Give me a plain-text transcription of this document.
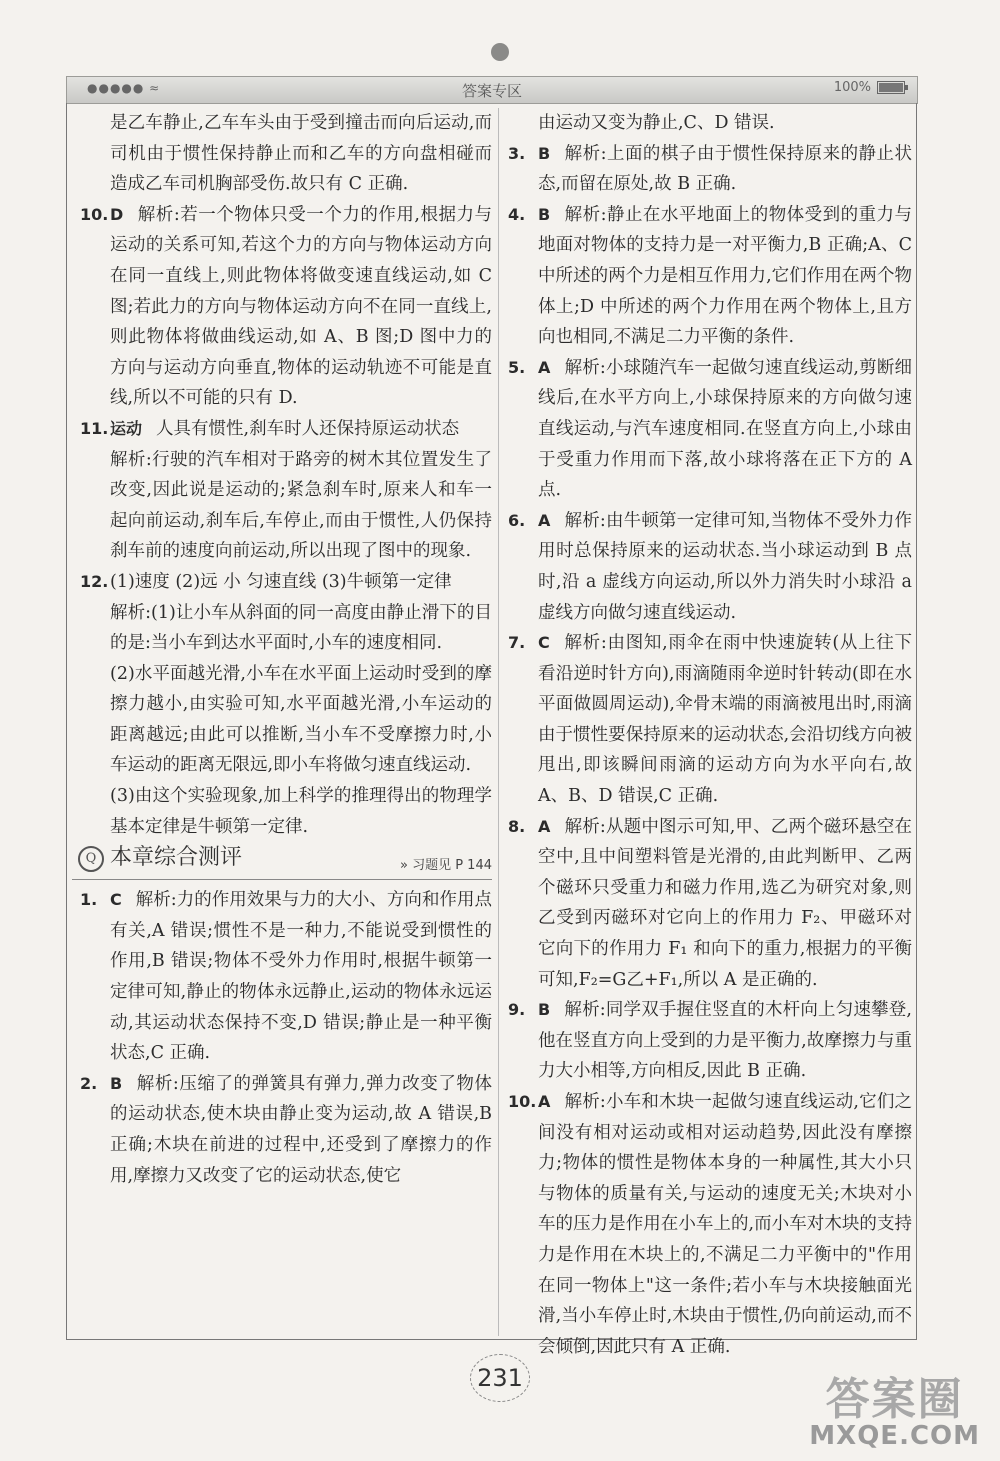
●●●●● ≈	答案专区	100%
是乙车静止,乙车车头由于受到撞击而向后运动,而司机由于惯性保持静止而和乙车的方向盘相碰而造成乙车司机胸部受伤.故只有 C 正确.
10. D 解析:若一个物体只受一个力的作用,根据力与运动的关系可知,若这个力的方向与物体运动方向在同一直线上,则此物体将做变速直线运动,如 C 图;若此力的方向与物体运动方向不在同一直线上,则此物体将做曲线运动,如 A、B 图;D 图中力的方向与运动方向垂直,物体的运动轨迹不可能是直线,所以不可能的只有 D.
11. 运动 人具有惯性,刹车时人还保持原运动状态
解析:行驶的汽车相对于路旁的树木其位置发生了改变,因此说是运动的;紧急刹车时,原来人和车一起向前运动,刹车后,车停止,而由于惯性,人仍保持刹车前的速度向前运动,所以出现了图中的现象.
12. (1)速度 (2)远 小 匀速直线 (3)牛顿第一定律
解析:(1)让小车从斜面的同一高度由静止滑下的目的是:当小车到达水平面时,小车的速度相同.
(2)水平面越光滑,小车在水平面上运动时受到的摩擦力越小,由实验可知,水平面越光滑,小车运动的距离越远;由此可以推断,当小车不受摩擦力时,小车运动的距离无限远,即小车将做匀速直线运动.
(3)由这个实验现象,加上科学的推理得出的物理学基本定律是牛顿第一定律.
Q 本章综合测评	» 习题见 P 144
1. C 解析:力的作用效果与力的大小、方向和作用点有关,A 错误;惯性不是一种力,不能说受到惯性的作用,B 错误;物体不受外力作用时,根据牛顿第一定律可知,静止的物体永远静止,运动的物体永远运动,其运动状态保持不变,D 错误;静止是一种平衡状态,C 正确.
2. B 解析:压缩了的弹簧具有弹力,弹力改变了物体的运动状态,使木块由静止变为运动,故 A 错误,B 正确;木块在前进的过程中,还受到了摩擦力的作用,摩擦力又改变了它的运动状态,使它
由运动又变为静止,C、D 错误.
3. B 解析:上面的棋子由于惯性保持原来的静止状态,而留在原处,故 B 正确.
4. B 解析:静止在水平地面上的物体受到的重力与地面对物体的支持力是一对平衡力,B 正确;A、C 中所述的两个力是相互作用力,它们作用在两个物体上;D 中所述的两个力作用在两个物体上,且方向也相同,不满足二力平衡的条件.
5. A 解析:小球随汽车一起做匀速直线运动,剪断细线后,在水平方向上,小球保持原来的方向做匀速直线运动,与汽车速度相同.在竖直方向上,小球由于受重力作用而下落,故小球将落在正下方的 A 点.
6. A 解析:由牛顿第一定律可知,当物体不受外力作用时总保持原来的运动状态.当小球运动到 B 点时,沿 a 虚线方向运动,所以外力消失时小球沿 a 虚线方向做匀速直线运动.
7. C 解析:由图知,雨伞在雨中快速旋转(从上往下看沿逆时针方向),雨滴随雨伞逆时针转动(即在水平面做圆周运动),伞骨末端的雨滴被甩出时,雨滴由于惯性要保持原来的运动状态,会沿切线方向被甩出,即该瞬间雨滴的运动方向为水平向右,故 A、B、D 错误,C 正确.
8. A 解析:从题中图示可知,甲、乙两个磁环悬空在空中,且中间塑料管是光滑的,由此判断甲、乙两个磁环只受重力和磁力作用,选乙为研究对象,则乙受到丙磁环对它向上的作用力 F₂、甲磁环对它向下的作用力 F₁ 和向下的重力,根据力的平衡可知,F₂=G乙+F₁,所以 A 是正确的.
9. B 解析:同学双手握住竖直的木杆向上匀速攀登,他在竖直方向上受到的力是平衡力,故摩擦力与重力大小相等,方向相反,因此 B 正确.
10. A 解析:小车和木块一起做匀速直线运动,它们之间没有相对运动或相对运动趋势,因此没有摩擦力;物体的惯性是物体本身的一种属性,其大小只与物体的质量有关,与运动的速度无关;木块对小车的压力是作用在小车上的,而小车对木块的支持力是作用在木块上的,不满足二力平衡中的"作用在同一物体上"这一条件;若小车与木块接触面光滑,当小车停止时,木块由于惯性,仍向前运动,而不会倾倒,因此只有 A 正确.
231	答案圈
MXQE.COM
